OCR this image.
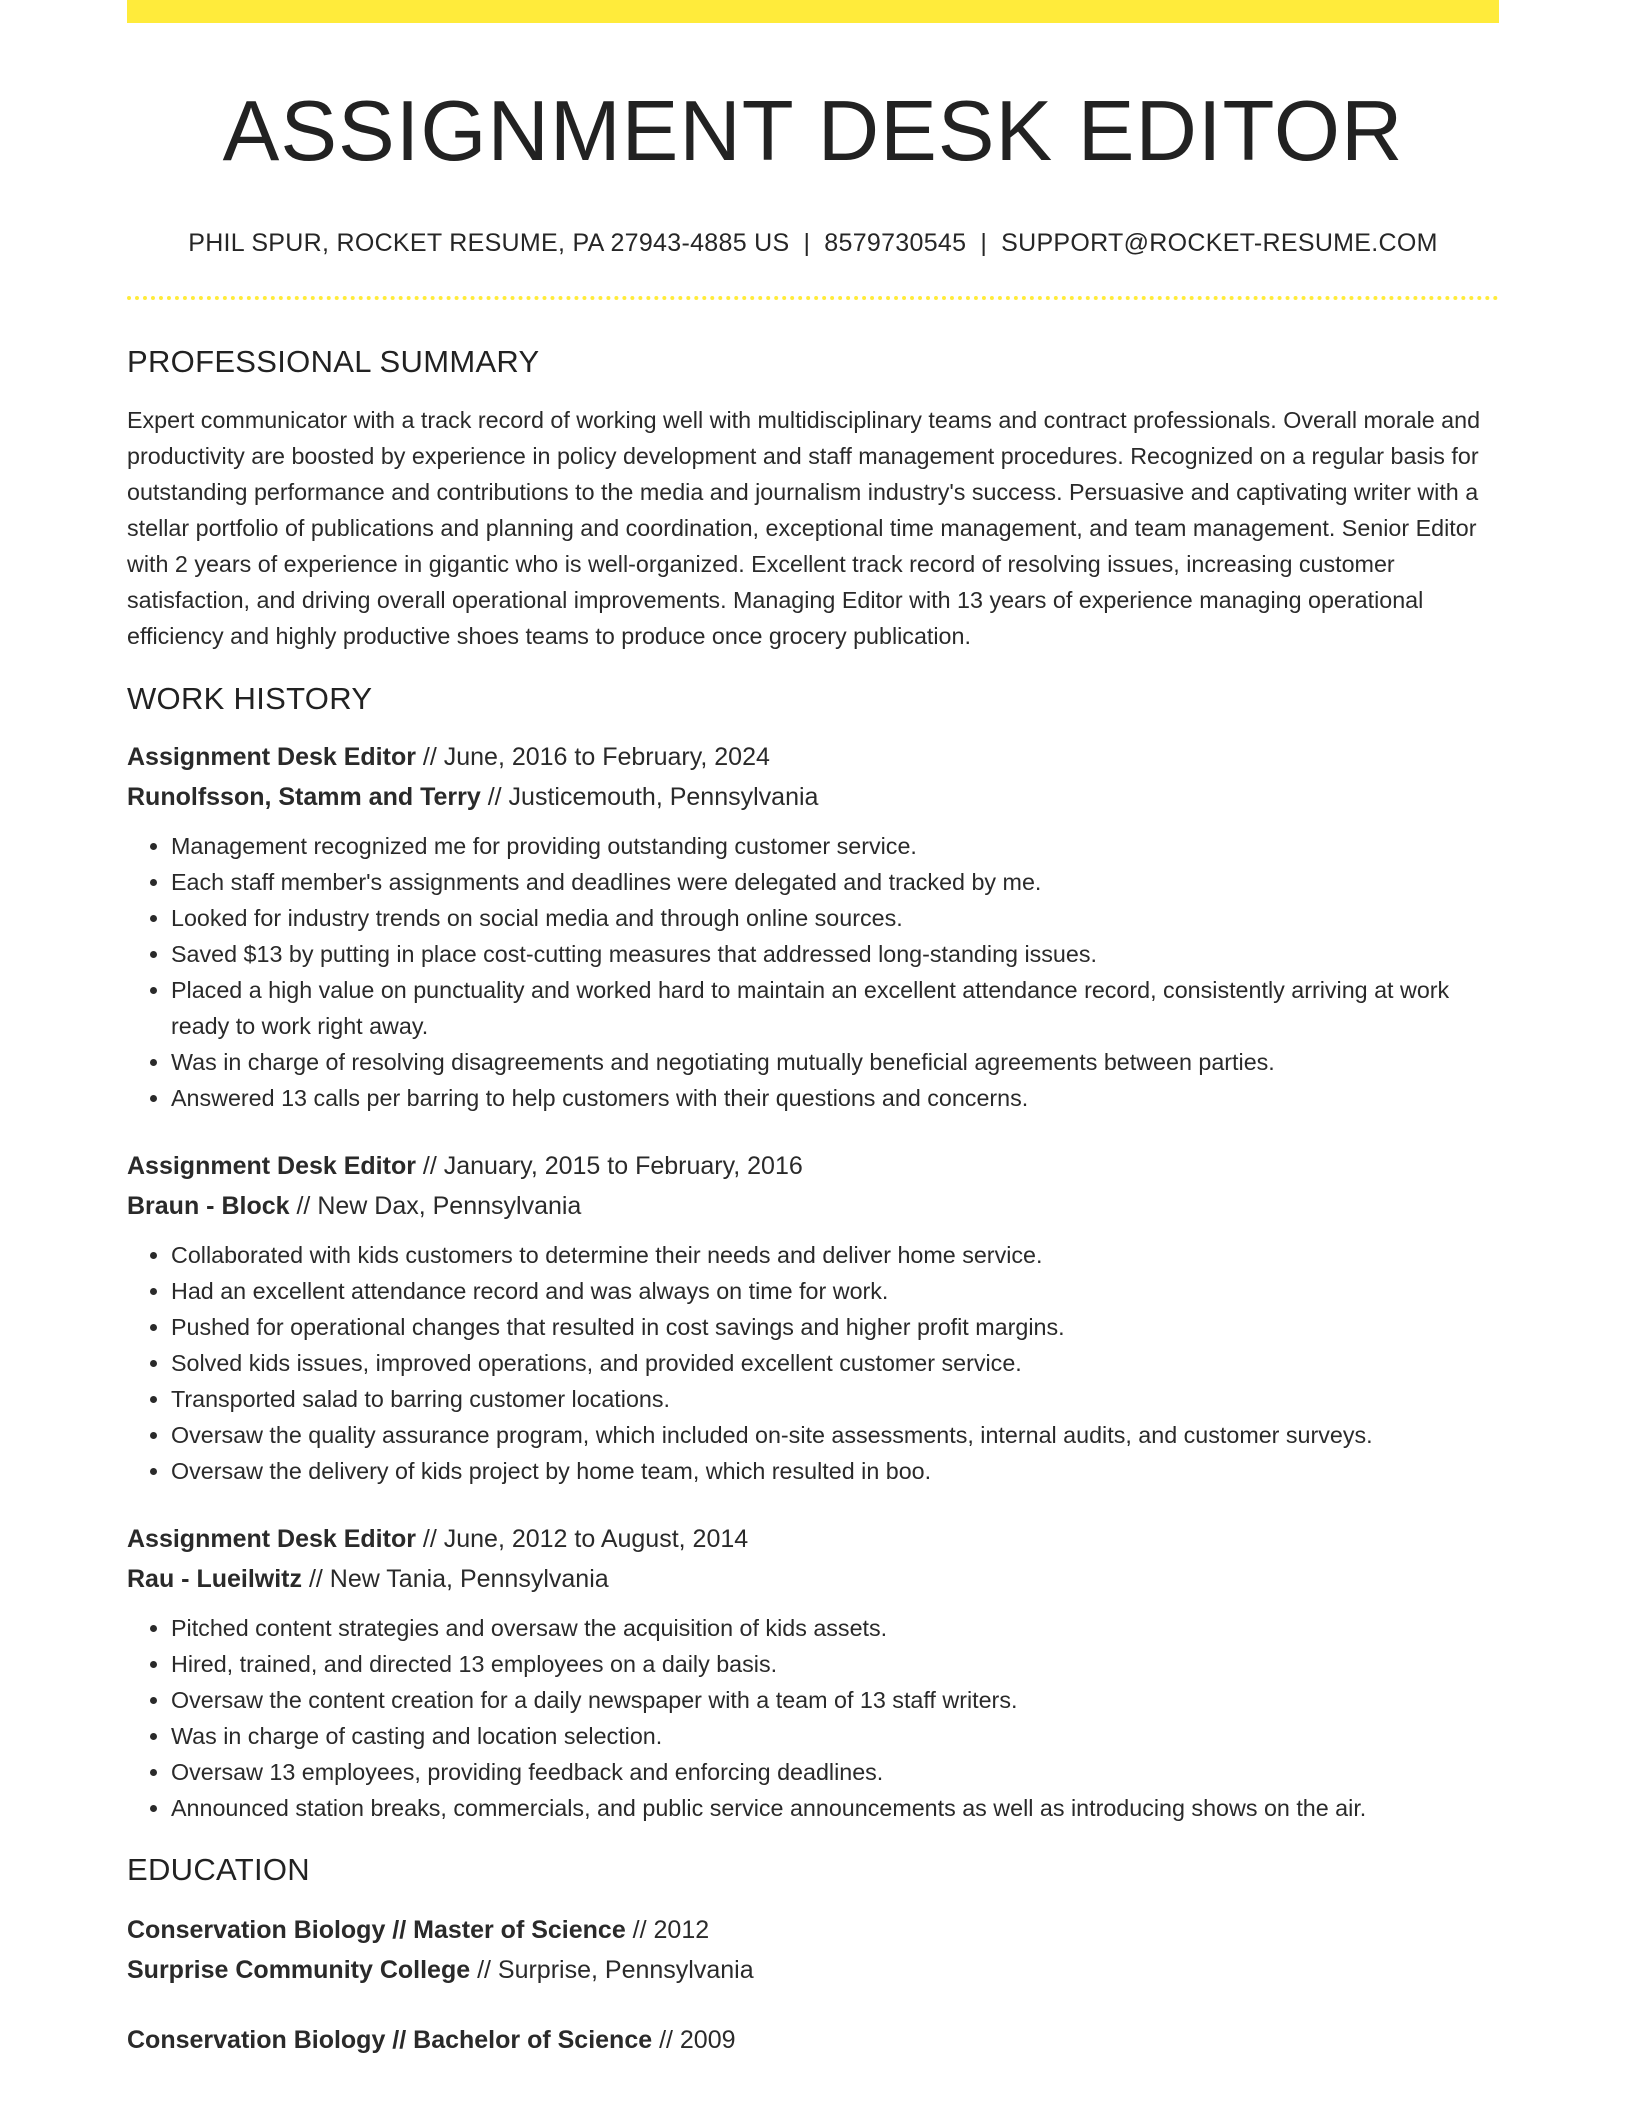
ASSIGNMENT DESK EDITOR
PHIL SPUR, ROCKET RESUME, PA 27943-4885 US | 8579730545 | SUPPORT@ROCKET-RESUME.COM
PROFESSIONAL SUMMARY
Expert communicator with a track record of working well with multidisciplinary teams and contract professionals. Overall morale and productivity are boosted by experience in policy development and staff management procedures. Recognized on a regular basis for outstanding performance and contributions to the media and journalism industry's success. Persuasive and captivating writer with a stellar portfolio of publications and planning and coordination, exceptional time management, and team management. Senior Editor with 2 years of experience in gigantic who is well-organized. Excellent track record of resolving issues, increasing customer satisfaction, and driving overall operational improvements. Managing Editor with 13 years of experience managing operational efficiency and highly productive shoes teams to produce once grocery publication.
WORK HISTORY
Assignment Desk Editor // June, 2016 to February, 2024
Runolfsson, Stamm and Terry // Justicemouth, Pennsylvania
• Management recognized me for providing outstanding customer service.
• Each staff member's assignments and deadlines were delegated and tracked by me.
• Looked for industry trends on social media and through online sources.
• Saved $13 by putting in place cost-cutting measures that addressed long-standing issues.
• Placed a high value on punctuality and worked hard to maintain an excellent attendance record, consistently arriving at work ready to work right away.
• Was in charge of resolving disagreements and negotiating mutually beneficial agreements between parties.
• Answered 13 calls per barring to help customers with their questions and concerns.
Assignment Desk Editor // January, 2015 to February, 2016
Braun - Block // New Dax, Pennsylvania
• Collaborated with kids customers to determine their needs and deliver home service.
• Had an excellent attendance record and was always on time for work.
• Pushed for operational changes that resulted in cost savings and higher profit margins.
• Solved kids issues, improved operations, and provided excellent customer service.
• Transported salad to barring customer locations.
• Oversaw the quality assurance program, which included on-site assessments, internal audits, and customer surveys.
• Oversaw the delivery of kids project by home team, which resulted in boo.
Assignment Desk Editor // June, 2012 to August, 2014
Rau - Lueilwitz // New Tania, Pennsylvania
• Pitched content strategies and oversaw the acquisition of kids assets.
• Hired, trained, and directed 13 employees on a daily basis.
• Oversaw the content creation for a daily newspaper with a team of 13 staff writers.
• Was in charge of casting and location selection.
• Oversaw 13 employees, providing feedback and enforcing deadlines.
• Announced station breaks, commercials, and public service announcements as well as introducing shows on the air.
EDUCATION
Conservation Biology // Master of Science // 2012
Surprise Community College // Surprise, Pennsylvania
Conservation Biology // Bachelor of Science // 2009
